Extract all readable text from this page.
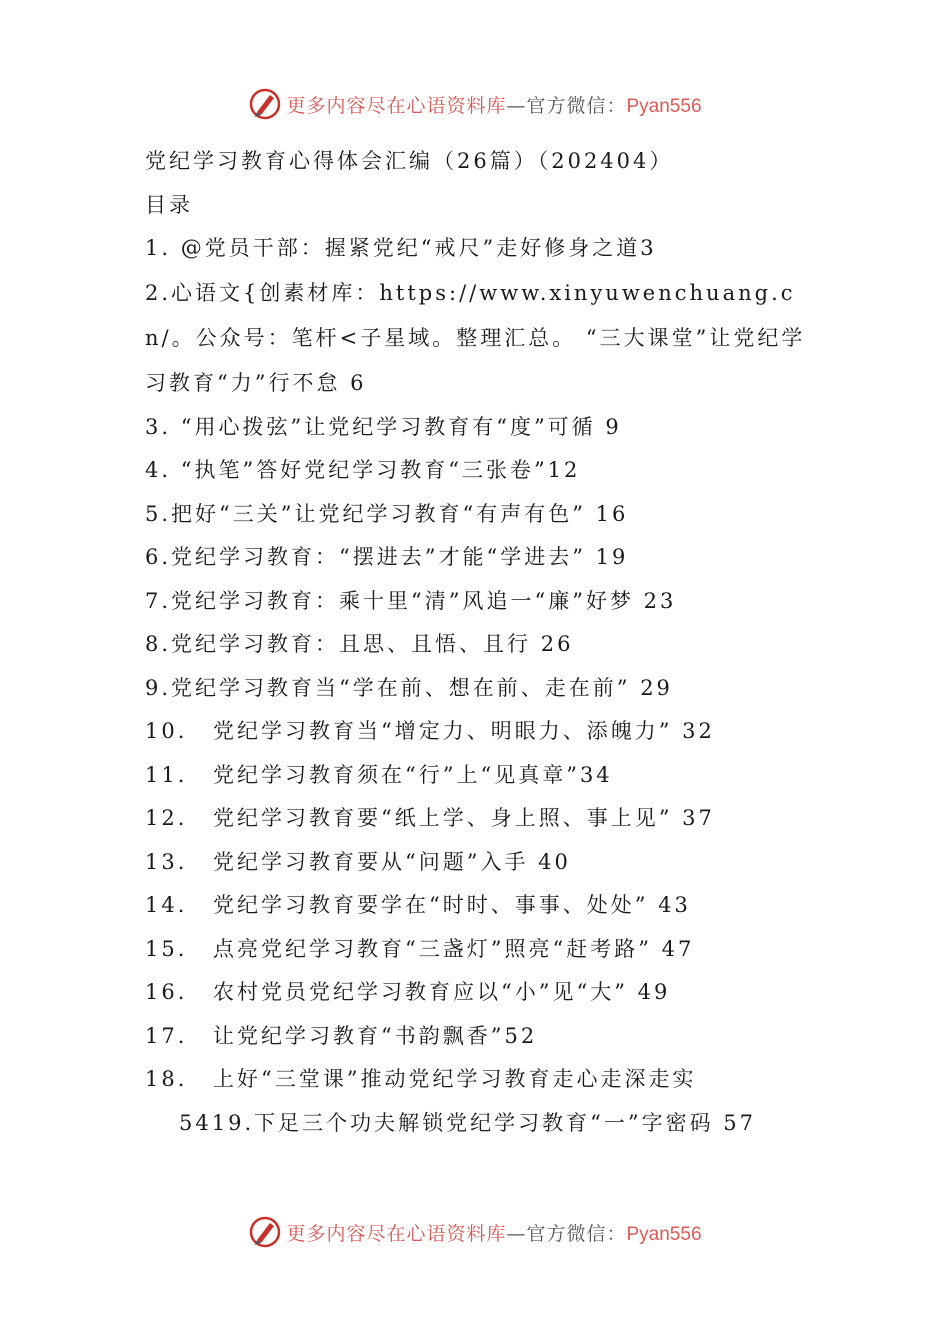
更多内容尽在心语资料库—官方微信：Pyan556
党纪学习教育心得体会汇编（26篇）（202404）
目录
1. @党员干部：握紧党纪“戒尺”走好修身之道3
2.心语文{创素材库：https://www.xinyuwenchuang.cn/。公众号：笔杆<子星域。整理汇总。 “三大课堂”让党纪学习教育“力”行不怠 6
3. “用心拨弦”让党纪学习教育有“度”可循 9
4. “执笔”答好党纪学习教育“三张卷”12
5.把好“三关”让党纪学习教育“有声有色” 16
6.党纪学习教育：“摆进去”才能“学进去” 19
7.党纪学习教育：乘十里“清”风追一“廉”好梦 23
8.党纪学习教育：且思、且悟、且行 26
9.党纪学习教育当“学在前、想在前、走在前” 29
10. 党纪学习教育当“增定力、明眼力、添魄力” 32
11. 党纪学习教育须在“行”上“见真章”34
12. 党纪学习教育要“纸上学、身上照、事上见” 37
13. 党纪学习教育要从“问题”入手 40
14. 党纪学习教育要学在“时时、事事、处处” 43
15. 点亮党纪学习教育“三盏灯”照亮“赶考路” 47
16. 农村党员党纪学习教育应以“小”见“大” 49
17. 让党纪学习教育“书韵飘香”52
18. 上好“三堂课”推动党纪学习教育走心走深走实
5419.下足三个功夫解锁党纪学习教育“一”字密码 57
更多内容尽在心语资料库—官方微信：Pyan556
